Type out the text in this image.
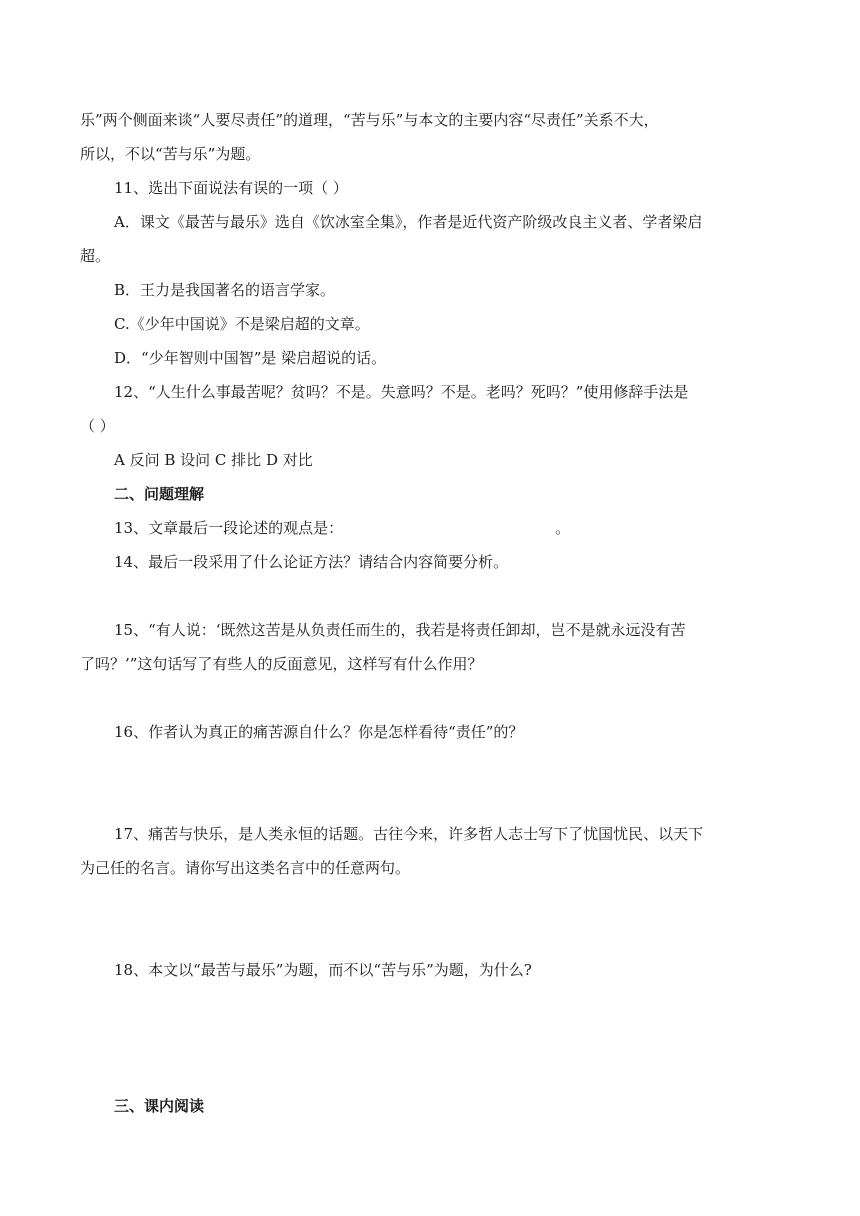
乐”两个侧面来谈“人要尽责任”的道理，“苦与乐”与本文的主要内容“尽责任”关系不大，
所以，不以“苦与乐”为题。
11、选出下面说法有误的一项（ ）
A．课文《最苦与最乐》选自《饮冰室全集》，作者是近代资产阶级改良主义者、学者梁启
超。
B．王力是我国著名的语言学家。
C.《少年中国说》不是梁启超的文章。
D．“少年智则中国智”是 梁启超说的话。
12、“人生什么事最苦呢？贫吗？不是。失意吗？不是。老吗？死吗？”使用修辞手法是
（ ）
A 反问 B 设问 C 排比 D 对比
二、问题理解
13、文章最后一段论述的观点是：	。
14、最后一段采用了什么论证方法？请结合内容简要分析。
15、“有人说：‘既然这苦是从负责任而生的，我若是将责任卸却，岂不是就永远没有苦
了吗？’”这句话写了有些人的反面意见，这样写有什么作用？
16、作者认为真正的痛苦源自什么？你是怎样看待“责任”的？
17、痛苦与快乐，是人类永恒的话题。古往今来，许多哲人志士写下了忧国忧民、以天下
为己任的名言。请你写出这类名言中的任意两句。
18、本文以“最苦与最乐”为题，而不以“苦与乐”为题，为什么?
三、课内阅读
